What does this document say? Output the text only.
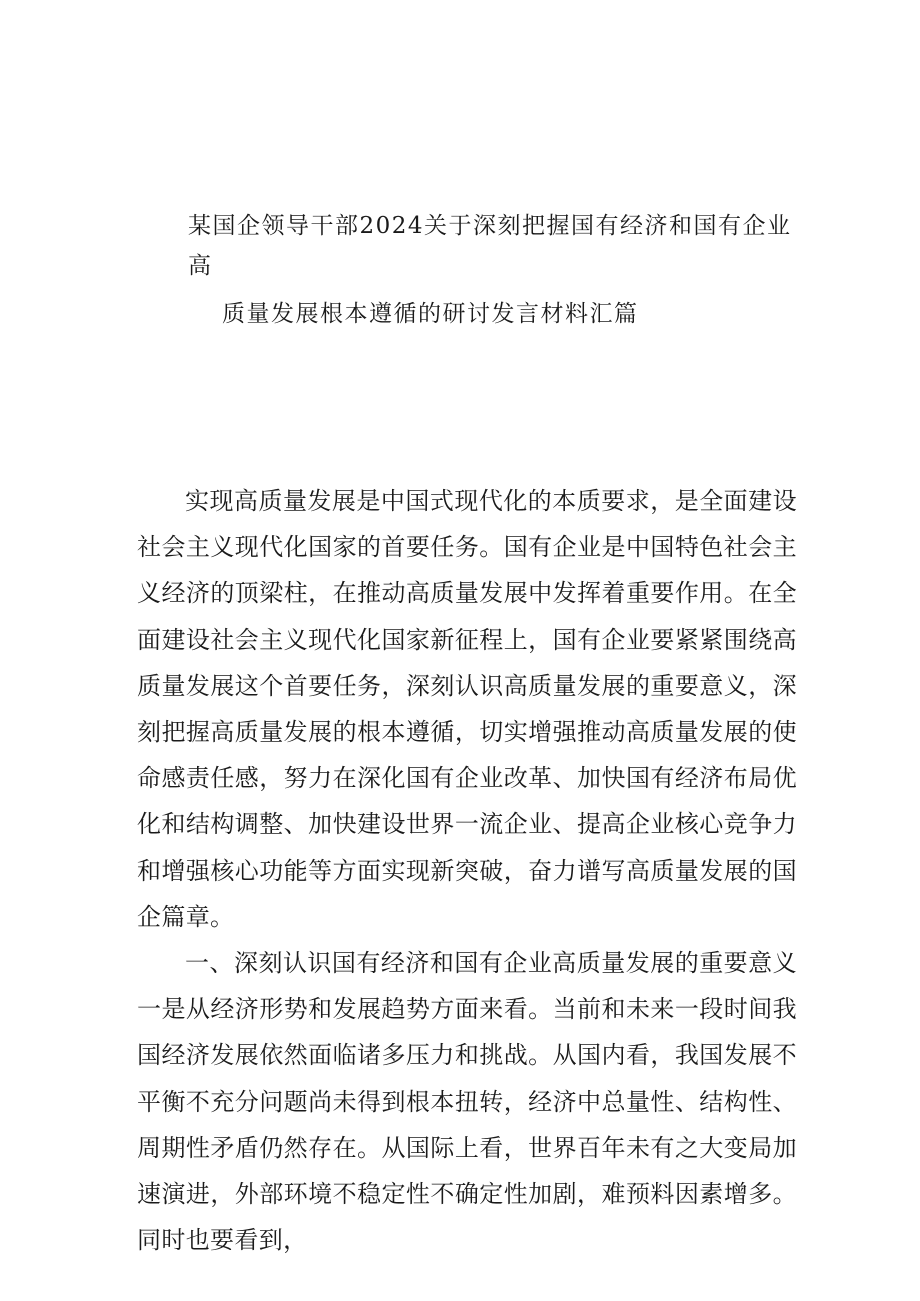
某国企领导干部2024关于深刻把握国有经济和国有企业高
质量发展根本遵循的研讨发言材料汇篇

实现高质量发展是中国式现代化的本质要求，是全面建设社会主义现代化国家的首要任务。国有企业是中国特色社会主义经济的顶梁柱，在推动高质量发展中发挥着重要作用。在全面建设社会主义现代化国家新征程上，国有企业要紧紧围绕高质量发展这个首要任务，深刻认识高质量发展的重要意义，深刻把握高质量发展的根本遵循，切实增强推动高质量发展的使命感责任感，努力在深化国有企业改革、加快国有经济布局优化和结构调整、加快建设世界一流企业、提高企业核心竞争力和增强核心功能等方面实现新突破，奋力谱写高质量发展的国企篇章。

一、深刻认识国有经济和国有企业高质量发展的重要意义一是从经济形势和发展趋势方面来看。当前和未来一段时间我国经济发展依然面临诸多压力和挑战。从国内看，我国发展不平衡不充分问题尚未得到根本扭转，经济中总量性、结构性、周期性矛盾仍然存在。从国际上看，世界百年未有之大变局加速演进，外部环境不稳定性不确定性加剧，难预料因素增多。同时也要看到，
